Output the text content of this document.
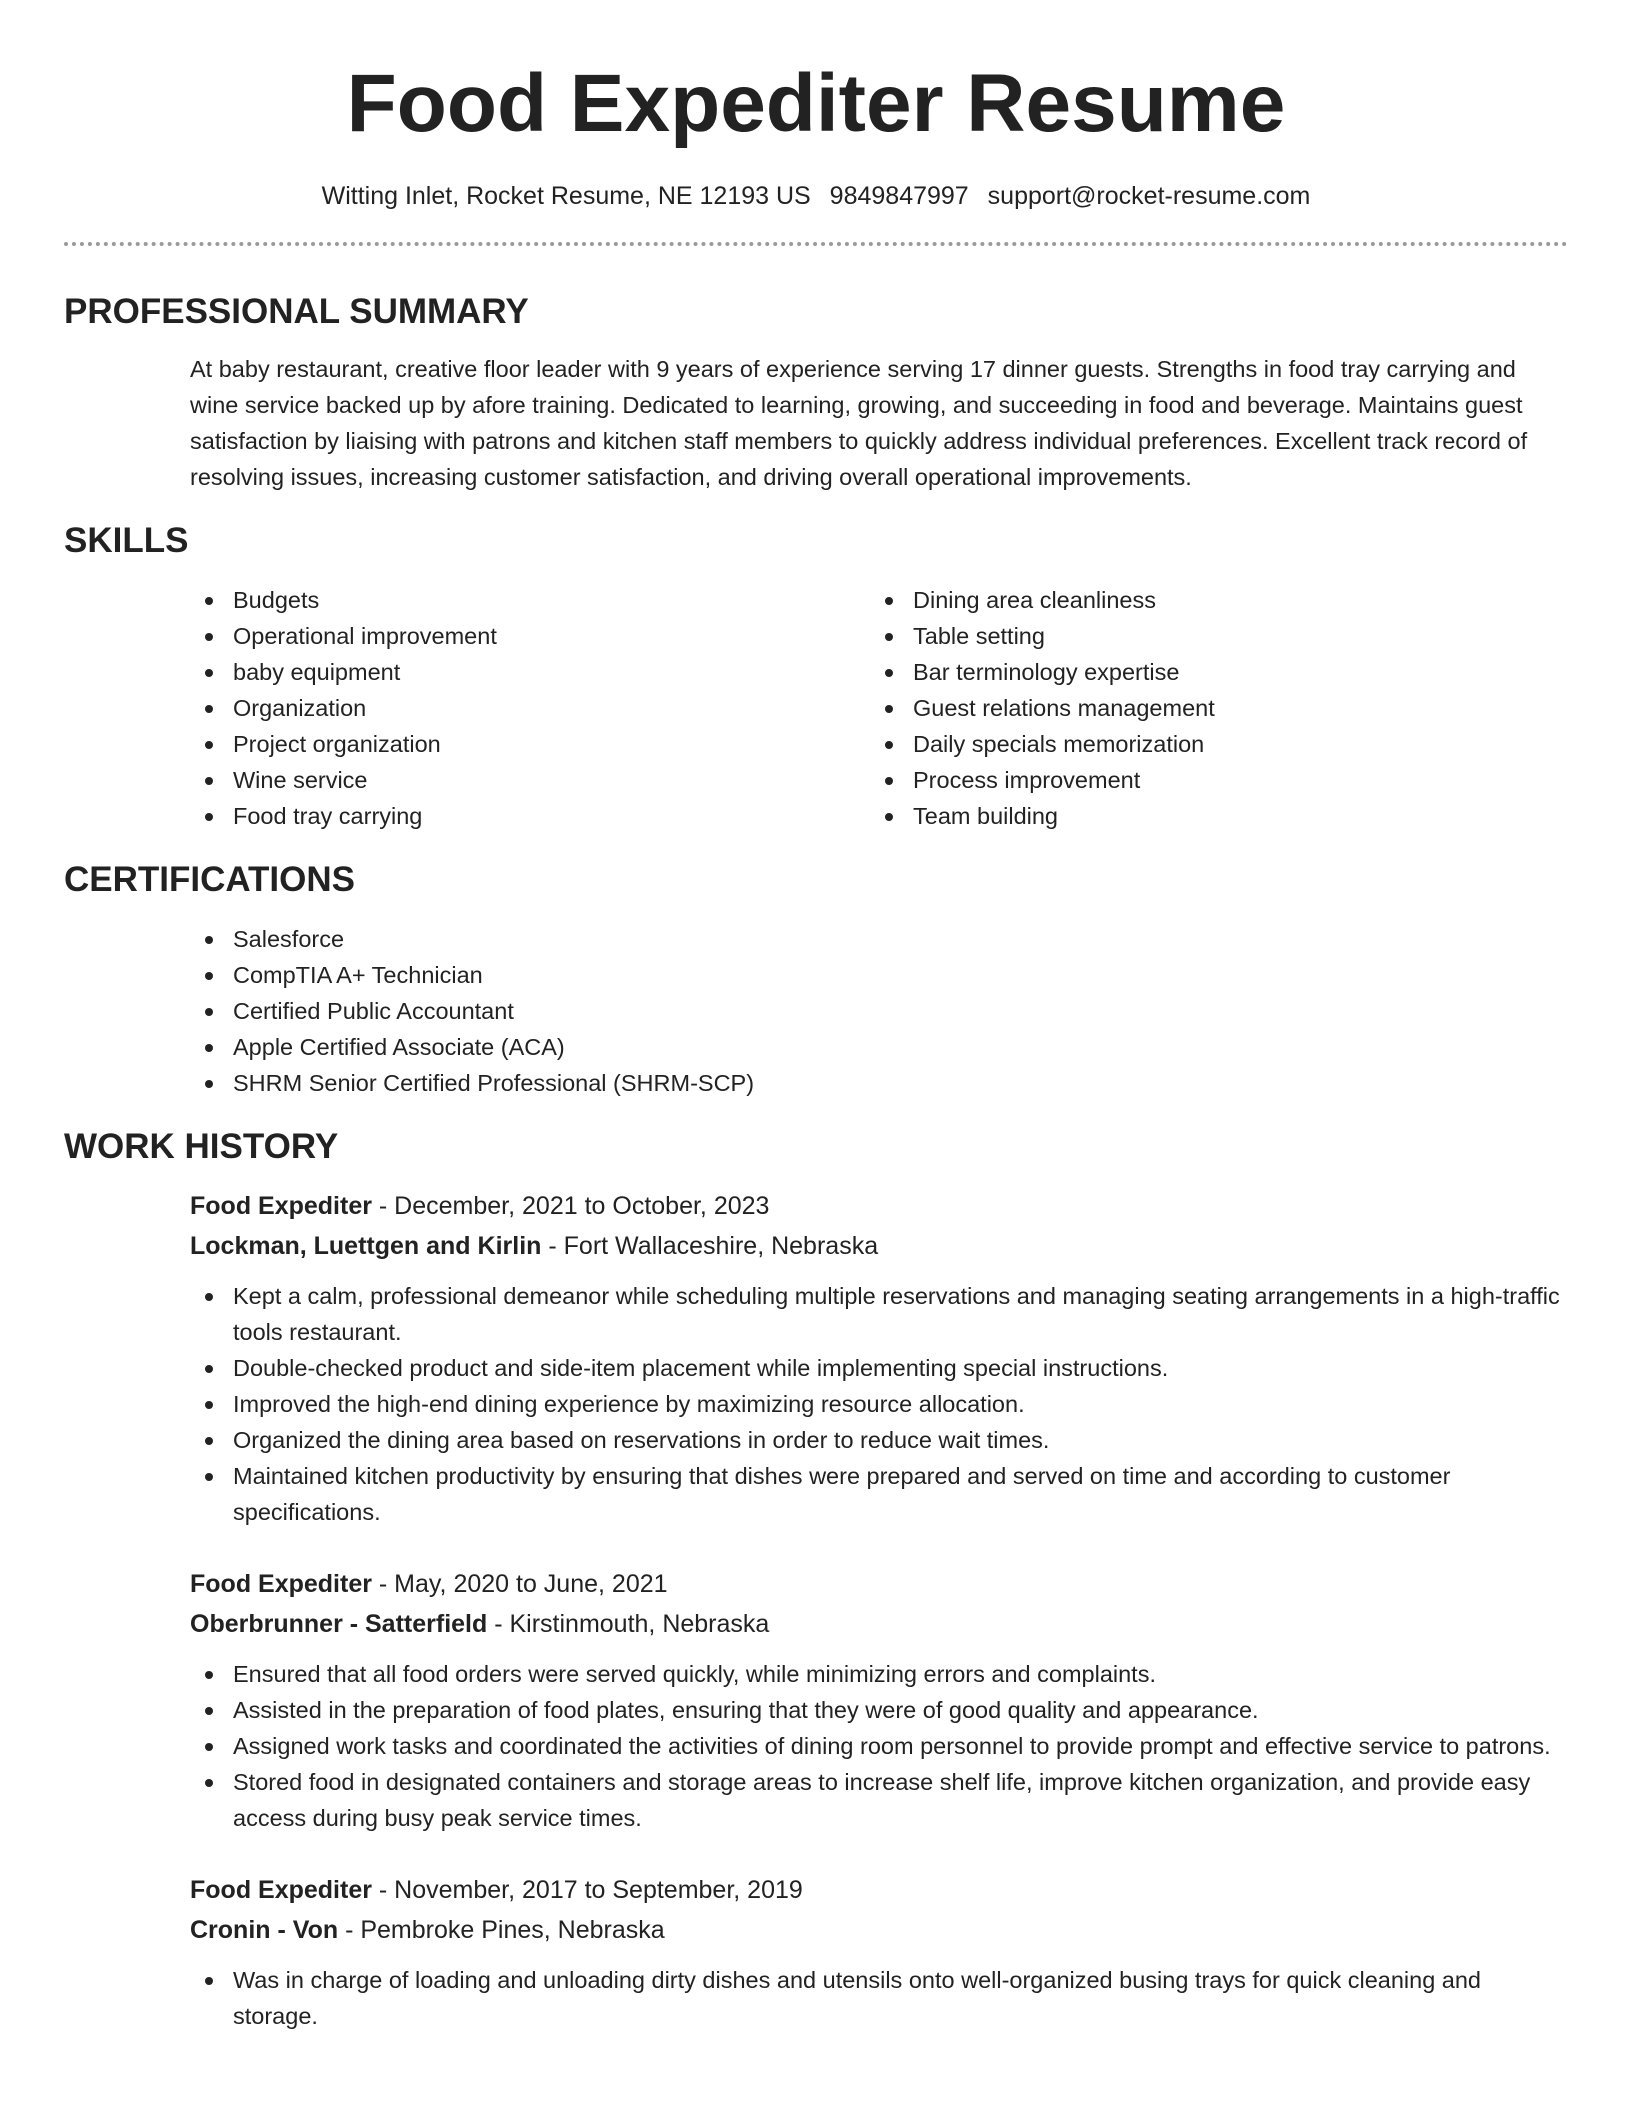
Food Expediter Resume
Witting Inlet, Rocket Resume, NE 12193 US 9849847997 support@rocket-resume.com
PROFESSIONAL SUMMARY

At baby restaurant, creative floor leader with 9 years of experience serving 17 dinner guests. Strengths in food tray carrying and wine service backed up by afore training. Dedicated to learning, growing, and succeeding in food and beverage. Maintains guest satisfaction by liaising with patrons and kitchen staff members to quickly address individual preferences. Excellent track record of resolving issues, increasing customer satisfaction, and driving overall operational improvements.

SKILLS
Budgets
Operational improvement
baby equipment
Organization
Project organization
Wine service
Food tray carrying
Dining area cleanliness
Table setting
Bar terminology expertise
Guest relations management
Daily specials memorization
Process improvement
Team building
CERTIFICATIONS
Salesforce
CompTIA A+ Technician
Certified Public Accountant
Apple Certified Associate (ACA)
SHRM Senior Certified Professional (SHRM-SCP)
WORK HISTORY
Food Expediter - December, 2021 to October, 2023
Lockman, Luettgen and Kirlin - Fort Wallaceshire, Nebraska
Kept a calm, professional demeanor while scheduling multiple reservations and managing seating arrangements in a high-traffic tools restaurant.
Double-checked product and side-item placement while implementing special instructions.
Improved the high-end dining experience by maximizing resource allocation.
Organized the dining area based on reservations in order to reduce wait times.
Maintained kitchen productivity by ensuring that dishes were prepared and served on time and according to customer specifications.
Food Expediter - May, 2020 to June, 2021
Oberbrunner - Satterfield - Kirstinmouth, Nebraska
Ensured that all food orders were served quickly, while minimizing errors and complaints.
Assisted in the preparation of food plates, ensuring that they were of good quality and appearance.
Assigned work tasks and coordinated the activities of dining room personnel to provide prompt and effective service to patrons.
Stored food in designated containers and storage areas to increase shelf life, improve kitchen organization, and provide easy access during busy peak service times.
Food Expediter - November, 2017 to September, 2019
Cronin - Von - Pembroke Pines, Nebraska
Was in charge of loading and unloading dirty dishes and utensils onto well-organized busing trays for quick cleaning and storage.
